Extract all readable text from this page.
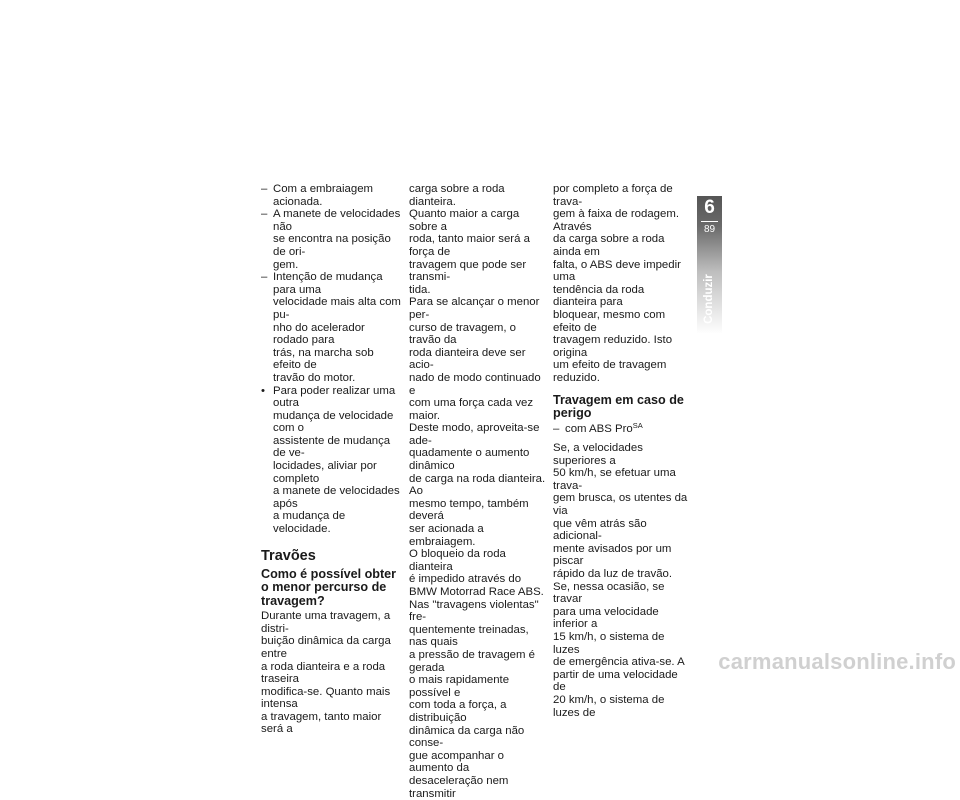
– Com a embraiagem acionada.
– A manete de velocidades não
se encontra na posição de ori-
gem.
– Intenção de mudança para uma
velocidade mais alta com pu-
nho do acelerador rodado para
trás, na marcha sob efeito de
travão do motor.
• Para poder realizar uma outra
mudança de velocidade com o
assistente de mudança de ve-
locidades, aliviar por completo
a manete de velocidades após
a mudança de velocidade.
Travões
Como é possível obter
o menor percurso de
travagem?

Durante uma travagem, a distri-
buição dinâmica da carga entre
a roda dianteira e a roda traseira
modifica-se. Quanto mais intensa
a travagem, tanto maior será a

carga sobre a roda dianteira.
Quanto maior a carga sobre a
roda, tanto maior será a força de
travagem que pode ser transmi-
tida.
Para se alcançar o menor per-
curso de travagem, o travão da
roda dianteira deve ser acio-
nado de modo continuado e
com uma força cada vez maior.
Deste modo, aproveita-se ade-
quadamente o aumento dinâmico
de carga na roda dianteira. Ao
mesmo tempo, também deverá
ser acionada a embraiagem.
O bloqueio da roda dianteira
é impedido através do
BMW Motorrad Race ABS.
Nas "travagens violentas" fre-
quentemente treinadas, nas quais
a pressão de travagem é gerada
o mais rapidamente possível e
com toda a força, a distribuição
dinâmica da carga não conse-
gue acompanhar o aumento da
desaceleração nem transmitir

por completo a força de trava-
gem à faixa de rodagem. Através
da carga sobre a roda ainda em
falta, o ABS deve impedir uma
tendência da roda dianteira para
bloquear, mesmo com efeito de
travagem reduzido. Isto origina
um efeito de travagem reduzido.

Travagem em caso de
perigo
– com ABS Pro$^{SA}$

Se, a velocidades superiores a
50 km/h, se efetuar uma trava-
gem brusca, os utentes da via
que vêm atrás são adicional-
mente avisados por um piscar
rápido da luz de travão.
Se, nessa ocasião, se travar
para uma velocidade inferior a
15 km/h, o sistema de luzes
de emergência ativa-se. A
partir de uma velocidade de
20 km/h, o sistema de luzes de

6
89
Conduzir
carmanualsonline.info
